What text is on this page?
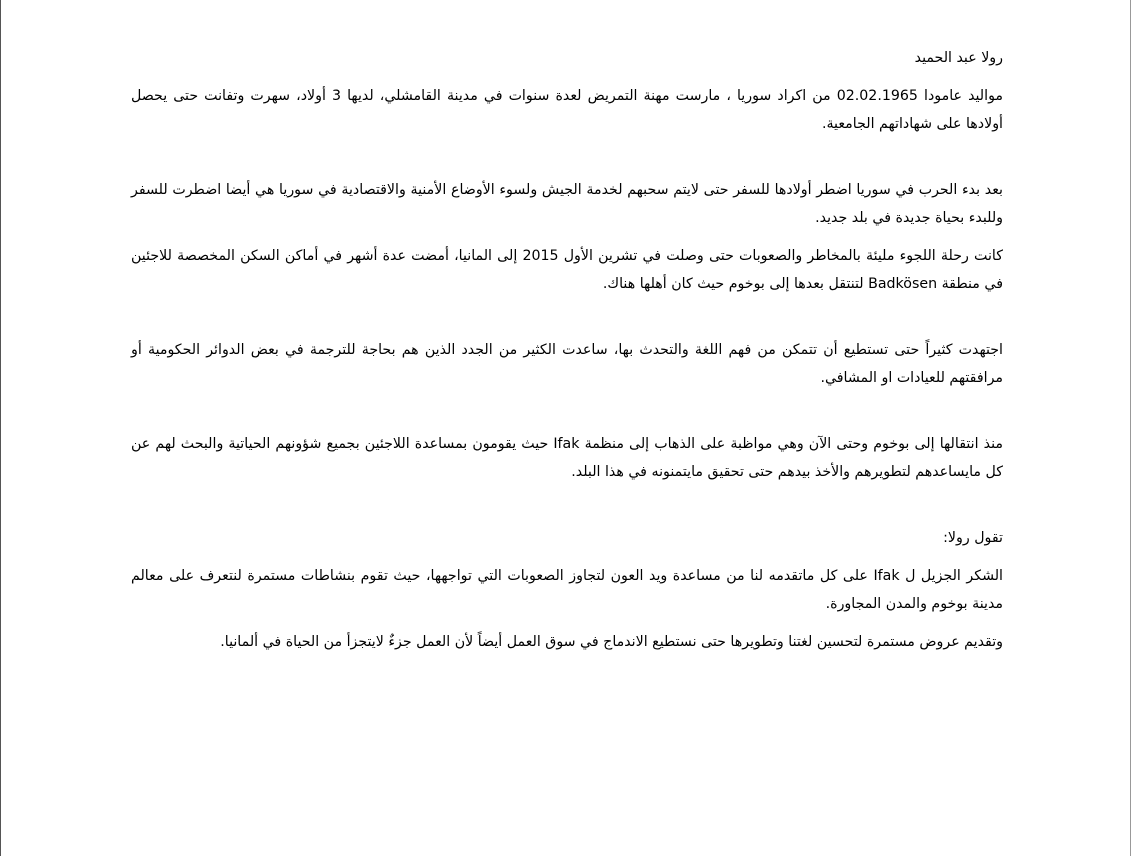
رولا عبد الحميد

مواليد عامودا 02.02.1965 من اكراد سوريا ، مارست مهنة التمريض لعدة سنوات في مدينة القامشلي، لديها 3 أولاد، سهرت وتفانت حتى يحصل أولادها على شهاداتهم الجامعية.

بعد بدء الحرب في سوريا اضطر أولادها للسفر حتى لايتم سحبهم لخدمة الجيش ولسوء الأوضاع الأمنية والاقتصادية في سوريا هي أيضا اضطرت للسفر وللبدء بحياة جديدة في بلد جديد.

كانت رحلة اللجوء مليئة بالمخاطر والصعوبات حتى وصلت في تشرين الأول 2015 إلى المانيا، أمضت عدة أشهر في أماكن السكن المخصصة للاجئين في منطقة Badkösen لتنتقل بعدها إلى بوخوم حيث كان أهلها هناك.

اجتهدت كثيراً حتى تستطيع أن تتمكن من فهم اللغة والتحدث بها، ساعدت الكثير من الجدد الذين هم بحاجة للترجمة في بعض الدوائر الحكومية أو مرافقتهم للعيادات او المشافي.

منذ انتقالها إلى بوخوم وحتى الآن وهي مواظبة على الذهاب إلى منظمة Ifak حيث يقومون بمساعدة اللاجئين بجميع شؤونهم الحياتية والبحث لهم عن كل مايساعدهم لتطويرهم والأخذ بيدهم حتى تحقيق مايتمنونه في هذا البلد.

تقول رولا:

الشكر الجزيل ل Ifak على كل ماتقدمه لنا من مساعدة ويد العون لتجاوز الصعوبات التي تواجهها، حيث تقوم بنشاطات مستمرة لنتعرف على معالم مدينة بوخوم والمدن المجاورة.

وتقديم عروض مستمرة لتحسين لغتنا وتطويرها حتى نستطيع الاندماج في سوق العمل أيضاً لأن العمل جزءٌ لايتجزأ من الحياة في ألمانيا.
